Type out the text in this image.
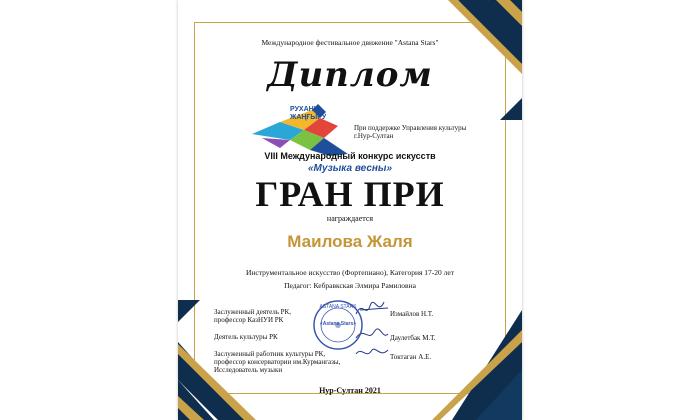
Международное фестивальное движение "Astana Stars"
Диплом
РУХАНИ
ЖАҢҒЫРУ
При поддержке Управления культуры г.Нур-Султан
VIII Международный конкурс искусств
«Музыка весны»
ГРАН ПРИ
награждается
Маилова Жаля
Инструментальное искусство (Фортепиано), Категория 17-20 лет
Педагог: Кебравкская Элмира Рамиловна
Заслуженный деятель РК, профессор КазНУИ РК
Измайлов Н.Т.
Деятель культуры РК	Даулетбак М.Т.
Заслуженный работник культуры РК, профессор консерватории им.Курмангазы, Исследователь музыки
Токтаган А.Е.
ASTANA STARS
«Astana Stars»
Нур-Султан 2021
